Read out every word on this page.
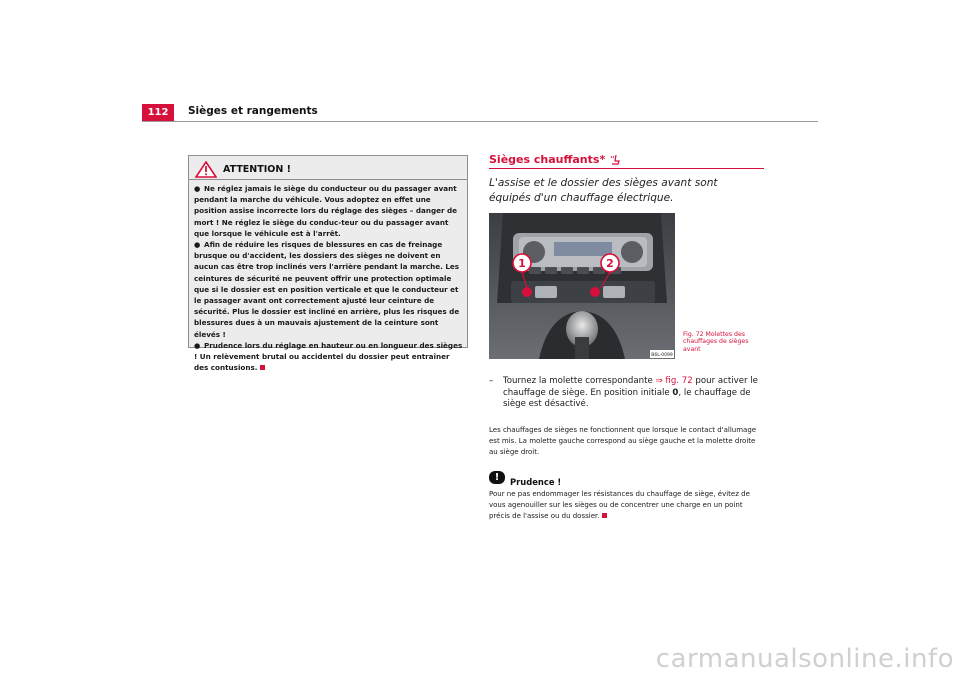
112	Sièges et rangements
ATTENTION !

● Ne réglez jamais le siège du conducteur ou du passager avant pendant la marche du véhicule. Vous adoptez en effet une position assise incorrecte lors du réglage des sièges – danger de mort ! Ne réglez le siège du conduc-teur ou du passager avant que lorsque le véhicule est à l'arrêt.

● Afin de réduire les risques de blessures en cas de freinage brusque ou d'accident, les dossiers des sièges ne doivent en aucun cas être trop inclinés vers l'arrière pendant la marche. Les ceintures de sécurité ne peuvent offrir une protection optimale que si le dossier est en position verticale et que le conducteur et le passager avant ont correctement ajusté leur ceinture de sécurité. Plus le dossier est incliné en arrière, plus les risques de blessures dues à un mauvais ajustement de la ceinture sont élevés !

● Prudence lors du réglage en hauteur ou en longueur des sièges ! Un relèvement brutal ou accidentel du dossier peut entraîner des contusions.

Sièges chauffants*
L'assise et le dossier des sièges avant sont équipés d'un chauffage électrique.
1	2
B6L-0099
Fig. 72 Molettes des chauffages de sièges avant
– Tournez la molette correspondante ⇒ fig. 72 pour activer le chauffage de siège. En position initiale 0, le chauffage de siège est désactivé.
Les chauffages de sièges ne fonctionnent que lorsque le contact d'allumage est mis. La molette gauche correspond au siège gauche et la molette droite au siège droit.
!	Prudence !
Pour ne pas endommager les résistances du chauffage de siège, évitez de vous agenouiller sur les sièges ou de concentrer une charge en un point précis de l'assise ou du dossier.
carmanualsonline.info
